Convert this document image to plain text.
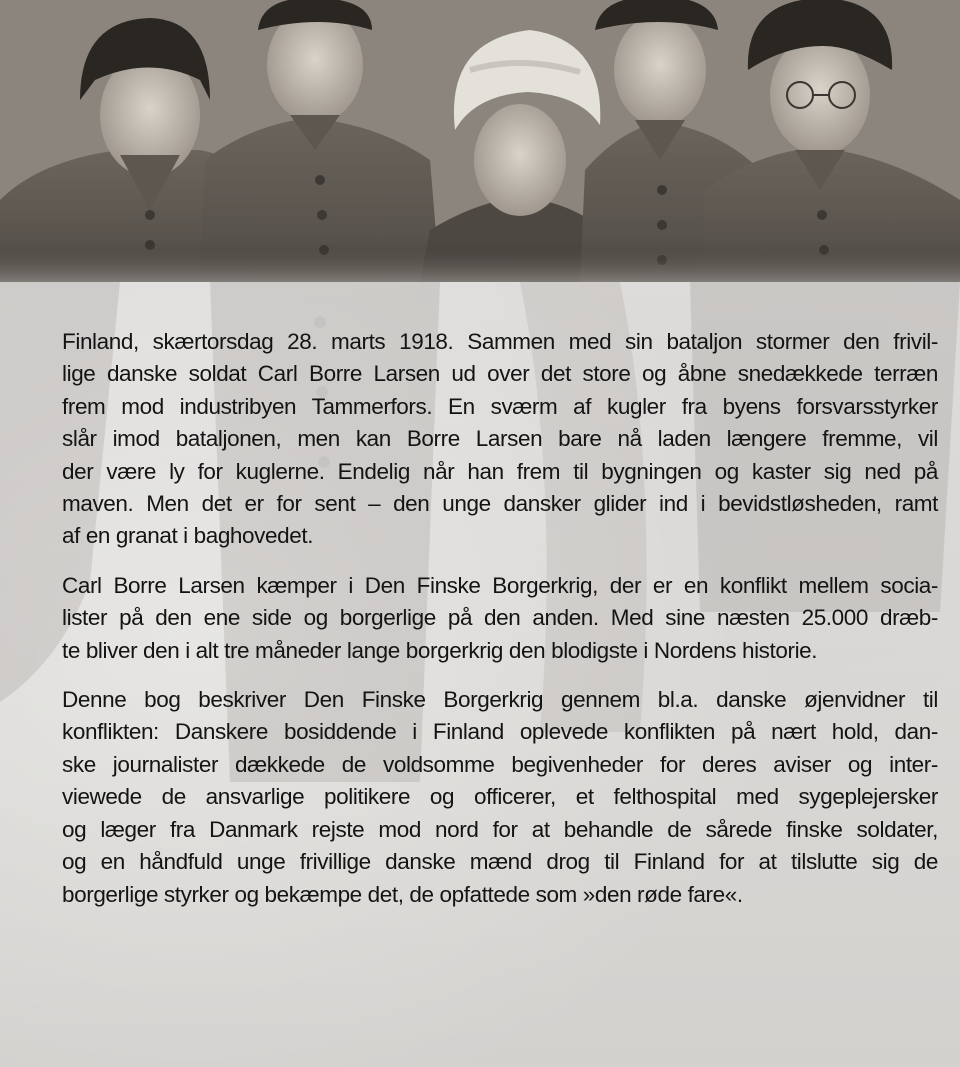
Finland, skærtorsdag 28. marts 1918. Sammen med sin bataljon stormer den frivil-
lige danske soldat Carl Borre Larsen ud over det store og åbne snedækkede terræn
frem mod industribyen Tammerfors. En sværm af kugler fra byens forsvarsstyrker
slår imod bataljonen, men kan Borre Larsen bare nå laden længere fremme, vil
der være ly for kuglerne. Endelig når han frem til bygningen og kaster sig ned på
maven. Men det er for sent – den unge dansker glider ind i bevidstløsheden, ramt
af en granat i baghovedet.

Carl Borre Larsen kæmper i Den Finske Borgerkrig, der er en konflikt mellem socia-
lister på den ene side og borgerlige på den anden. Med sine næsten 25.000 dræb-
te bliver den i alt tre måneder lange borgerkrig den blodigste i Nordens historie.

Denne bog beskriver Den Finske Borgerkrig gennem bl.a. danske øjenvidner til
konflikten: Danskere bosiddende i Finland oplevede konflikten på nært hold, dan-
ske journalister dækkede de voldsomme begivenheder for deres aviser og inter-
viewede de ansvarlige politikere og officerer, et felthospital med sygeplejersker
og læger fra Danmark rejste mod nord for at behandle de sårede finske soldater,
og en håndfuld unge frivillige danske mænd drog til Finland for at tilslutte sig de
borgerlige styrker og bekæmpe det, de opfattede som »den røde fare«.
